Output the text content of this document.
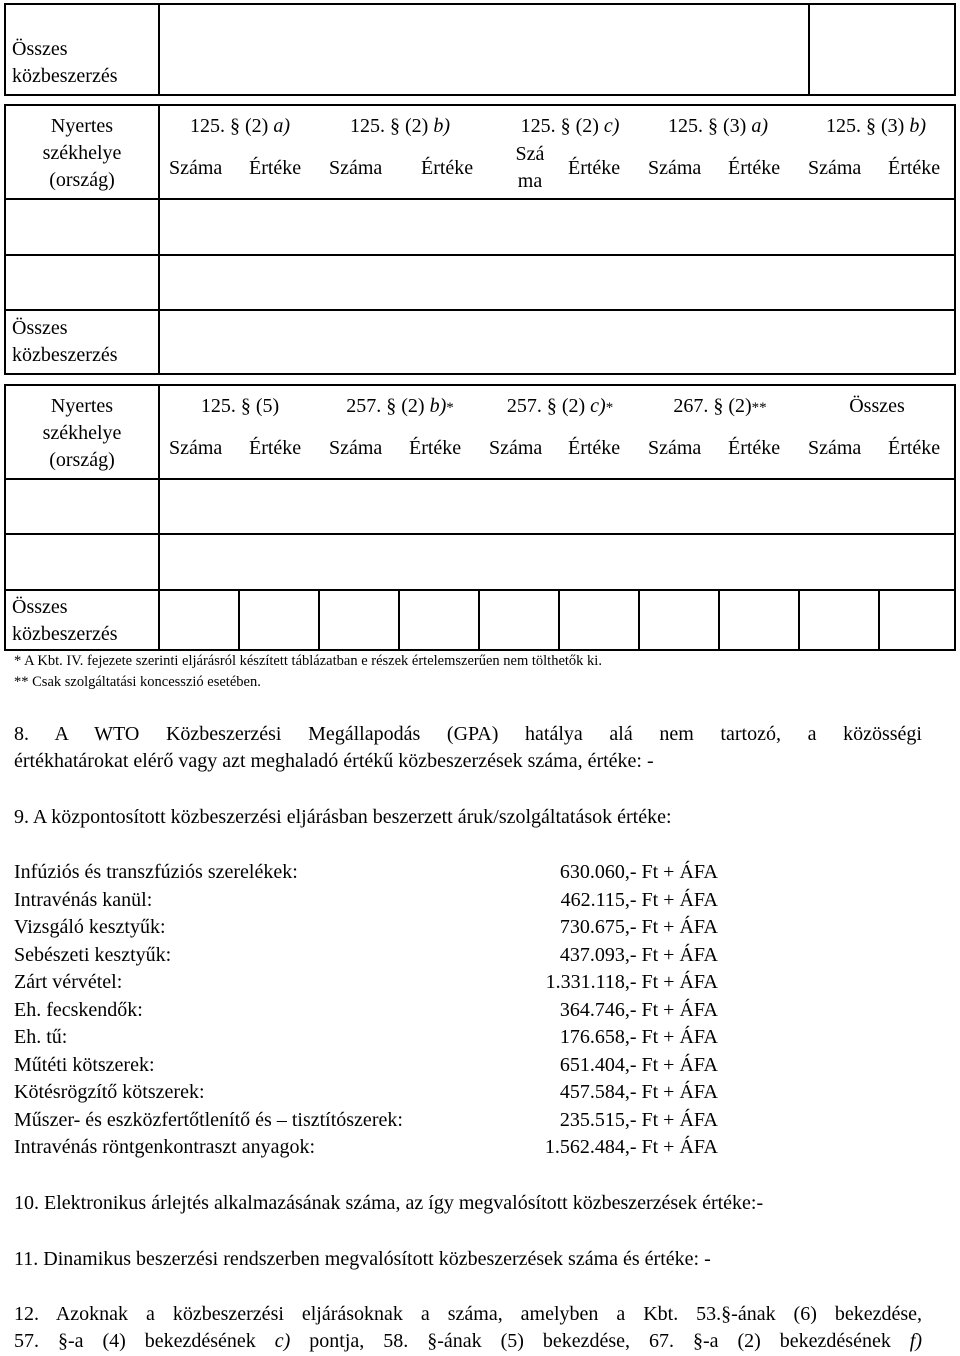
Összes
közbeszerzés
Nyertes
székhelye
(ország)
125. § (2) a)	125. § (2) b)	125. § (2) c)	125. § (3) a)	125. § (3) b)
Száma Értéke Száma Értéke
Szá
ma
Értéke Száma Értéke Száma Értéke
Összes
közbeszerzés
Nyertes
székhelye
(ország)
125. § (5)	257. § (2) b)*	257. § (2) c)*	267. § (2)**	Összes
Száma Értéke Száma Értéke Száma Értéke Száma Értéke Száma Értéke
Összes
közbeszerzés
* A Kbt. IV. fejezete szerinti eljárásról készített táblázatban e részek értelemszerűen nem tölthetők ki.
** Csak szolgáltatási koncesszió esetében.
8. A WTO Közbeszerzési Megállapodás (GPA) hatálya alá nem tartozó, a közösségi
értékhatárokat elérő vagy azt meghaladó értékű közbeszerzések száma, értéke: -
9. A központosított közbeszerzési eljárásban beszerzett áruk/szolgáltatások értéke:
Infúziós és transzfúziós szerelékek:	630.060,- Ft + ÁFA
Intravénás kanül:	462.115,- Ft + ÁFA
Vizsgáló kesztyűk:	730.675,- Ft + ÁFA
Sebészeti kesztyűk:	437.093,- Ft + ÁFA
Zárt vérvétel:	1.331.118,- Ft + ÁFA
Eh. fecskendők:	364.746,- Ft + ÁFA
Eh. tű:	176.658,- Ft + ÁFA
Műtéti kötszerek:	651.404,- Ft + ÁFA
Kötésrögzítő kötszerek:	457.584,- Ft + ÁFA
Műszer- és eszközfertőtlenítő és – tisztítószerek:	235.515,- Ft + ÁFA
Intravénás röntgenkontraszt anyagok:	1.562.484,- Ft + ÁFA
10. Elektronikus árlejtés alkalmazásának száma, az így megvalósított közbeszerzések értéke:-
11. Dinamikus beszerzési rendszerben megvalósított közbeszerzések száma és értéke: -
12. Azoknak a közbeszerzési eljárásoknak a száma, amelyben a Kbt. 53.§-ának (6) bekezdése,
57. §-a (4) bekezdésének c) pontja, 58. §-ának (5) bekezdése, 67. §-a (2) bekezdésének f)
